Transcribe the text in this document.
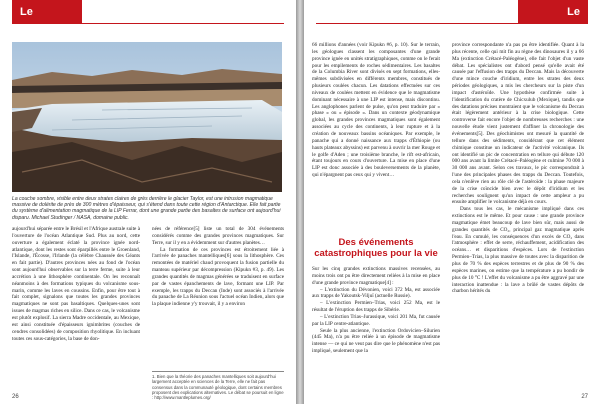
Le dossier
La couche sombre, visible entre deux strates claires de grès derrière le glacier Taylor, est une intrusion magmatique massive de dolérite de près de 300 mètres d'épaisseur, qui s'étend dans toute cette région d'Antarctique. Elle fait partie du système d'alimentation magmatique de la LIP Ferrar, dont une grande partie des basaltes de surface ont aujourd'hui disparu. Michael Studinger / NASA, domaine public.

aujourd'hui séparée entre le Brésil et l'Afrique australe suite à l'ouverture de l'océan Atlantique Sud. Plus au nord, cette ouverture a également éclaté la province ignée nord-atlantique, dont les restes sont éparpillés entre le Groenland, l'Islande, l'Écosse, l'Irlande (la célèbre Chaussée des Géants en fait partie). D'autres provinces nées au fond de l'océan sont aujourd'hui observables sur la terre ferme, suite à leur accrétion à une lithosphère continentale. On les reconnaît néanmoins à des formations typiques du volcanisme sous-marin, comme les laves en coussins. Enfin, pour être tout à fait complet, signalons que toutes les grandes provinces magmatiques ne sont pas basaltiques. Quelques-unes sont issues de magmas riches en silice. Dans ce cas, le volcanisme est plutôt explosif. La sierra Madre occidentale, au Mexique, est ainsi constituée d'épaisseurs ignimbrites (couches de cendres consolidées) de composition rhyolitique. En incluant toutes ces sous-catégories, la base de don-

nées de référence[5] liste un total de 304 événements considérés comme des grandes provinces magmatiques. Sur Terre, sur il y en a évidemment sur d'autres planètes…

La formation de ces provinces est étroitement liée à l'arrivée de panaches mantelliques[6] sous la lithosphère. Ces remontées de matériel chaud provoquent la fusion partielle du manteau supérieur par décompression (Kipukn #3, p. 49). Les grandes quantités de magmas générées se traduisent en surface par de vastes épanchements de lave, formant une LIP. Par exemple, les trapps du Deccan (Inde) sont associés à l'arrivée du panache de La Réunion sous l'actuel océan Indien, alors que la plaque indienne y'y trouvait, il y a environ

1. Bien que la théorie des panaches mantelliques soit aujourd'hui largement acceptée en sciences de la Terre, elle ne fait pas consensus dans la communauté géologique, dont certains membres proposent des explications alternatives. Le débat se poursuit en ligne : http://www.mantleplumes.org/
26
Le dossier

66 millions d'années (voir Kipukn #6, p. 10). Sur le terrain, les géologues classent les composantes d'une grande province ignée en unités stratigraphiques, comme on le ferait pour les empilements de roches sédimentaires. Les basaltes de la Columbia River sont divisés en sept formations, elles-mêmes subdivisées en différents membres, constitués de plusieurs coulées chacun. Les datations effectuées sur ces niveaux de coulées mettent en évidence que le magmatisme dominant nécessaire à une LIP est intense, mais discontinu. Les anglophones parlent de pulse, qu'on peut traduire par « phase » ou « épisode ». Dans un contexte géodynamique global, les grandes provinces magmatiques sont également associées au cycle des continents, à leur rupture et à la création de nouveaux bassins océaniques. Par exemple, le panache qui a donné naissance aux trapps d'Éthiopie (ou hauts plateaux abyssins) est parvenu à ouvrir la mer Rouge et le golfe d'Aden ; une troisième branche, le rift est-africain, étant toujours en cours d'ouverture. La mise en place d'une LIP est donc associée à des bouleversements de la planète, qui n'épargnent pas ceux qui y vivent…

Des événements catastrophiques pour la vie

Sur les cinq grandes extinctions massives recensées, au moins trois ont pu être directement reliées à la mise en place d'une grande province magmatique[4] :

– L'extinction du Dévonien, voici 372 Ma, est associée aux trapps de Yakoutsk-Viljuï (actuelle Russie).

– L'extinction Permien–Trias, voici 252 Ma, est le résultat de l'éruption des trapps de Sibérie.

– L'extinction Trias–Jurassique, voici 201 Ma, fut causée par la LIP centre-atlantique.

Seule la plus ancienne, l'extinction Ordovicien–Silurien (445 Ma), n'a pu être reliée à un épisode de magmatisme intense — ce qui ne veut pas dire que le phénomène n'est pas impliqué, seulement que la

province correspondante n'a pas pu être identifiée. Quant à la plus récente, celle qui mit fin au règne des dinosaures il y a 66 Ma (extinction Crétacé-Paléogène), elle fait l'objet d'un vaste débat. Les spécialistes ont d'abord pensé qu'elle avait été causée par l'effusion des trapps du Deccan. Mais la découverte d'une mince couche d'iridium, entre les strates des deux périodes géologiques, a mis les chercheurs sur la piste d'un impact d'astéroïde. Une hypothèse confirmée suite à l'identification du cratère de Chicxulub (Mexique), tandis que des datations précises montraient que le volcanisme du Deccan était légèrement antérieur à la crise biologique. Cette controverse fait encore l'objet de nombreuses recherches : une nouvelle étude vient justement d'affiner la chronologie des événements[5]. Des géochimistes ont mesuré la quantité de tellure dans des sédiments, considérant que cet élément chimique constitue un indicateur de l'activité volcanique. Ils ont identifié un pic de concentration en tellure qui débute 120 000 ans avant la limite Crétacé–Paléogène et culmine 70 000 à 30 000 ans avant. Selon ces travaux, le pic correspondrait à l'une des principales phases des trapps du Deccan. Toutefois, cela n'enlève rien au rôle clé de l'astéroïde : la phase majeure de la crise coïncide bien avec le dépôt d'iridium et les recherches soulignent qu'un impact de cette ampleur a pu ensuite amplifier le volcanisme déjà en cours.

Dans tous les cas, le mécanisme impliqué dans ces extinctions est le même. Et pour cause : une grande province magmatique émet beaucoup de lave bien sûr, mais aussi de grandes quantités de CO₂, principal gaz magmatique après l'eau. En cumulé, les conséquences d'un excès de CO₂ dans l'atmosphère : effet de serre, réchauffement, acidification des océans… et disparitions d'espèces. Lors de l'extinction Permien–Trias, la plus massive de toutes avec la disparition de plus de 70 % des espèces terrestres et de plus de 90 % des espèces marines, on estime que la température a pu bondir de plus de 10 °C ! L'effet du volcanisme a pu être aggravé par une interaction inattendue : la lave a brûlé de vastes dépôts de charbon hérités du

27
